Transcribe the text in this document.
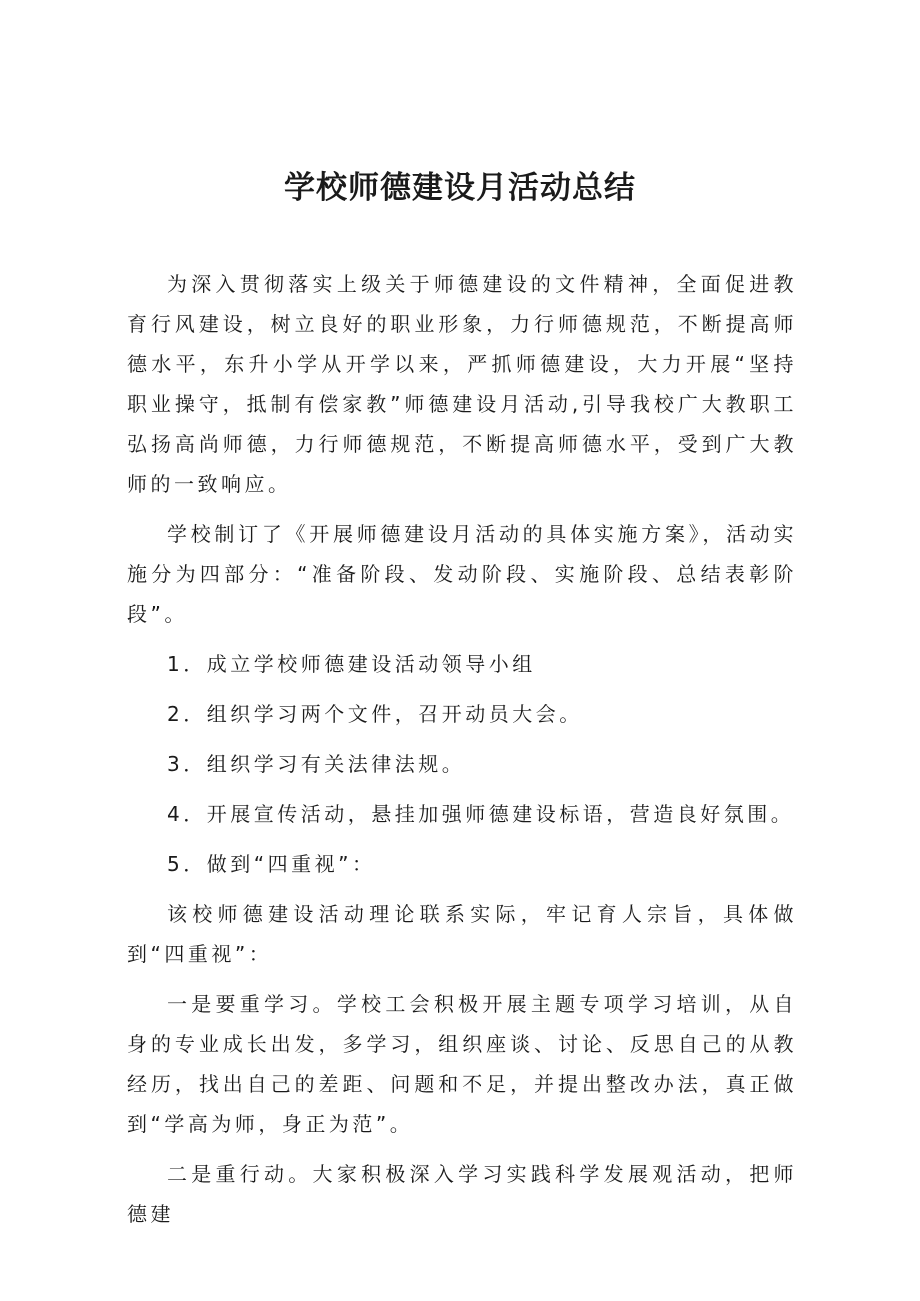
学校师德建设月活动总结

为深入贯彻落实上级关于师德建设的文件精神，全面促进教育行风建设，树立良好的职业形象，力行师德规范，不断提高师德水平，东升小学从开学以来，严抓师德建设，大力开展“坚持职业操守，抵制有偿家教”师德建设月活动,引导我校广大教职工弘扬高尚师德，力行师德规范，不断提高师德水平，受到广大教师的一致响应。

学校制订了《开展师德建设月活动的具体实施方案》，活动实施分为四部分：“准备阶段、发动阶段、实施阶段、总结表彰阶段”。

1．成立学校师德建设活动领导小组

2．组织学习两个文件，召开动员大会。

3．组织学习有关法律法规。

4．开展宣传活动，悬挂加强师德建设标语，营造良好氛围。

5．做到“四重视”：

该校师德建设活动理论联系实际，牢记育人宗旨，具体做到“四重视”：

一是要重学习。学校工会积极开展主题专项学习培训，从自身的专业成长出发，多学习，组织座谈、讨论、反思自己的从教经历，找出自己的差距、问题和不足，并提出整改办法，真正做到“学高为师，身正为范”。

二是重行动。大家积极深入学习实践科学发展观活动，把师德建
